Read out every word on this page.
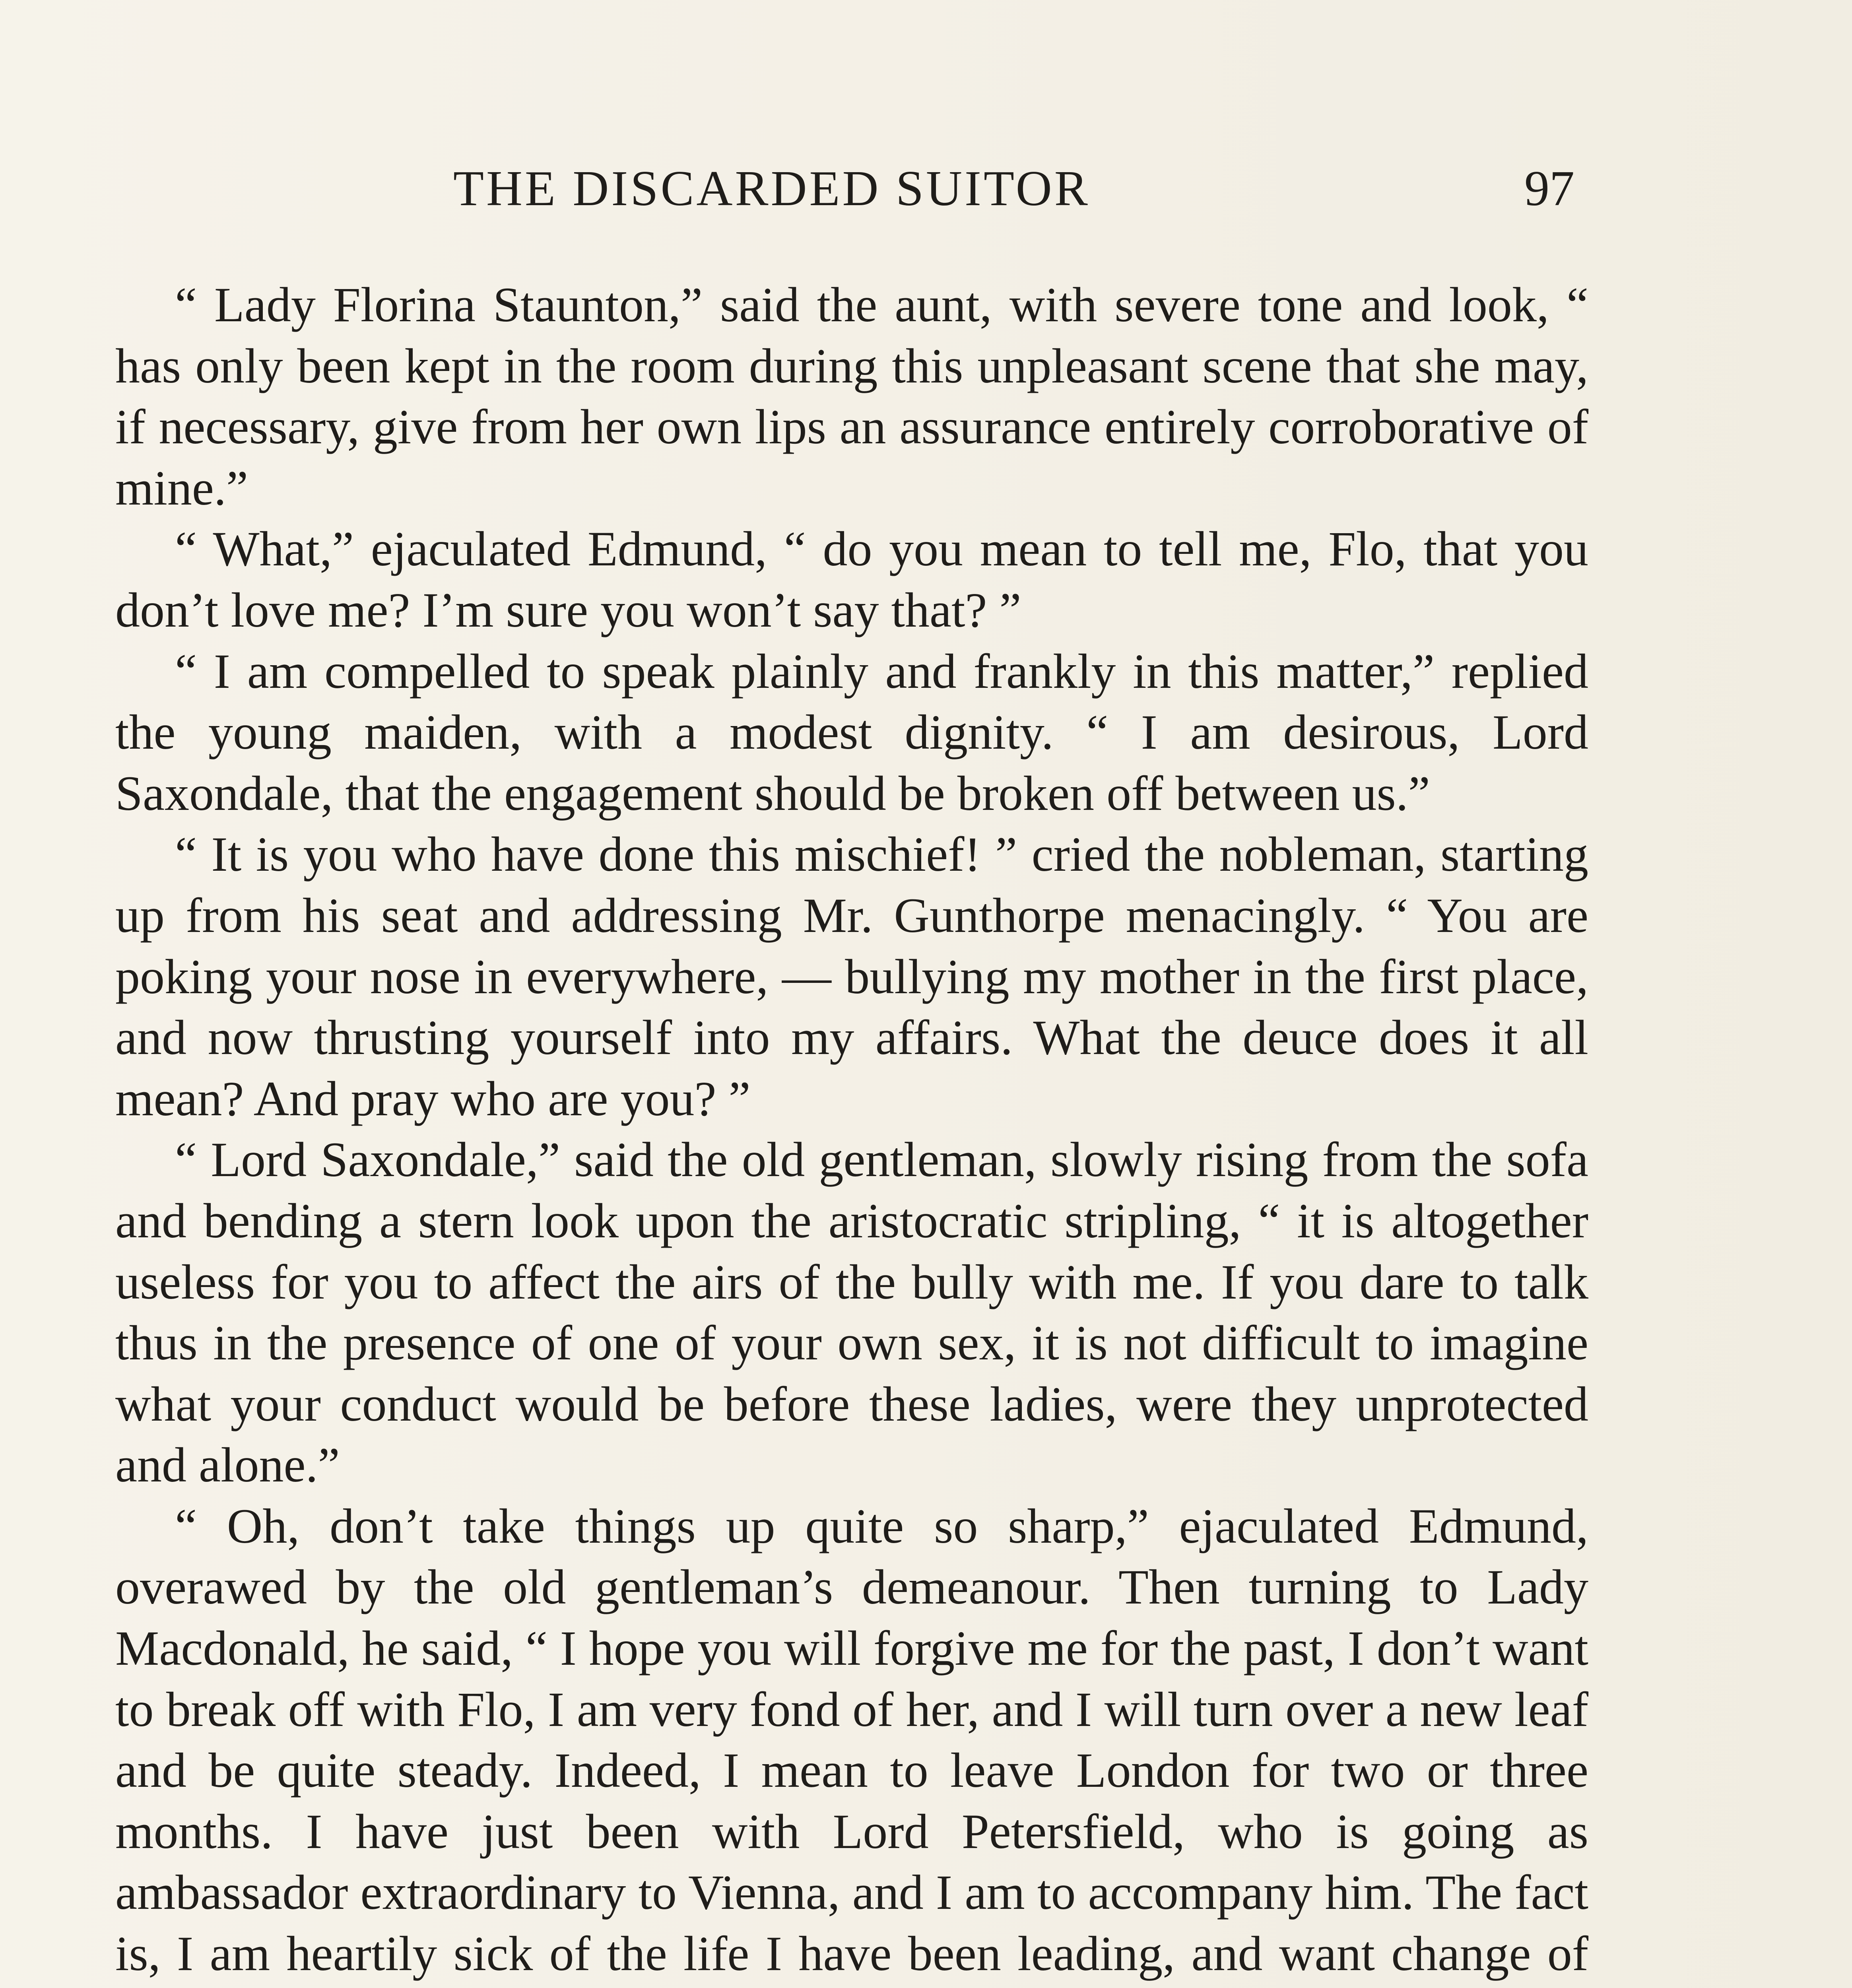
THE DISCARDED SUITOR	97

“ Lady Florina Staunton,” said the aunt, with severe tone and look, “ has only been kept in the room during this unpleasant scene that she may, if necessary, give from her own lips an assurance entirely corroborative of mine.”

“ What,” ejaculated Edmund, “ do you mean to tell me, Flo, that you don’t love me? I’m sure you won’t say that? ”

“ I am compelled to speak plainly and frankly in this matter,” replied the young maiden, with a modest dignity. “ I am desirous, Lord Saxondale, that the engagement should be broken off between us.”

“ It is you who have done this mischief! ” cried the nobleman, starting up from his seat and addressing Mr. Gunthorpe menacingly. “ You are poking your nose in everywhere, — bullying my mother in the first place, and now thrusting yourself into my affairs. What the deuce does it all mean? And pray who are you? ”

“ Lord Saxondale,” said the old gentleman, slowly rising from the sofa and bending a stern look upon the aristocratic stripling, “ it is altogether useless for you to affect the airs of the bully with me. If you dare to talk thus in the presence of one of your own sex, it is not difficult to imagine what your conduct would be before these ladies, were they unprotected and alone.”

“ Oh, don’t take things up quite so sharp,” ejaculated Edmund, overawed by the old gentleman’s demeanour. Then turning to Lady Macdonald, he said, “ I hope you will forgive me for the past, I don’t want to break off with Flo, I am very fond of her, and I will turn over a new leaf and be quite steady. Indeed, I mean to leave London for two or three months. I have just been with Lord Petersfield, who is going as ambassador extraordinary to Vienna, and I am to accompany him. The fact is, I am heartily sick of the life I have been leading, and want change of
